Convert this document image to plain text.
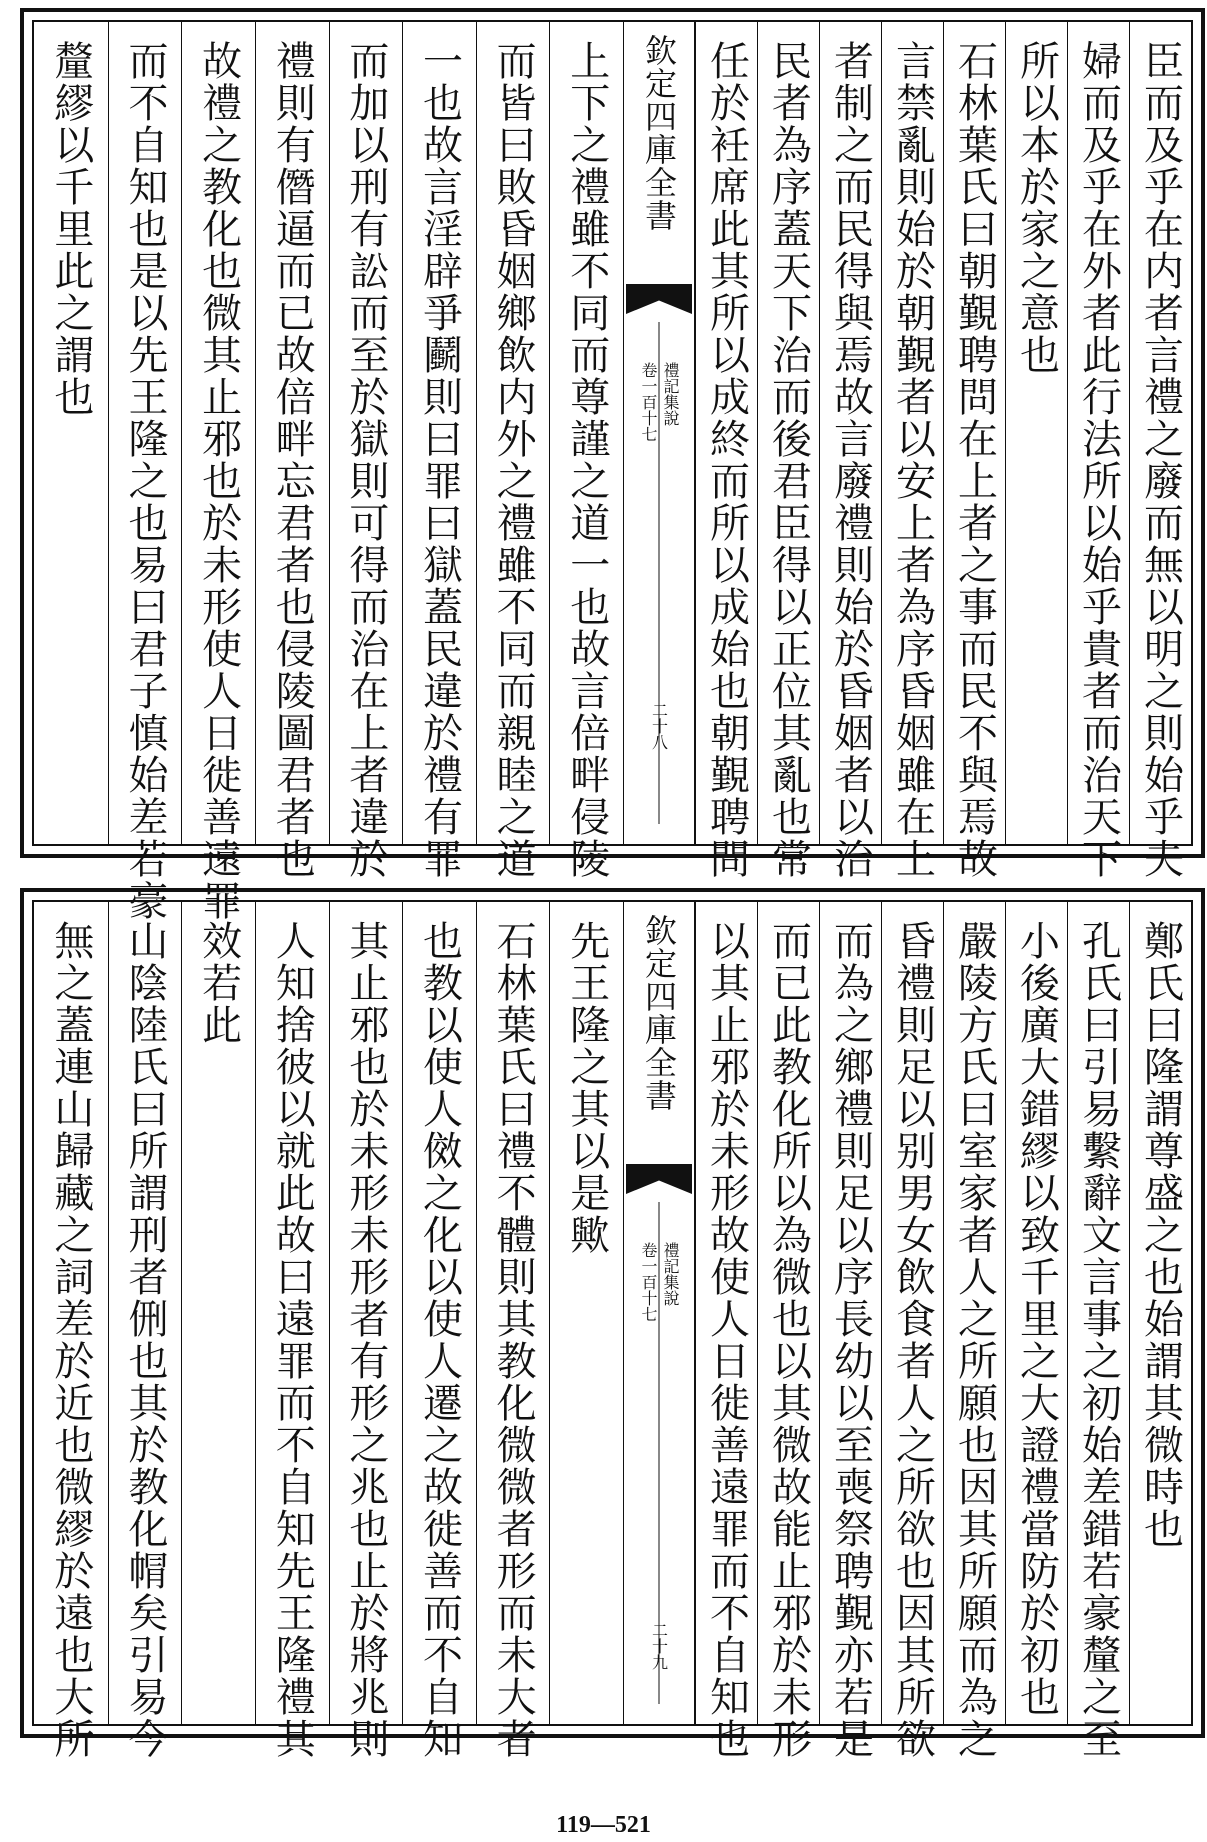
臣而及乎在内者言禮之廢而無以明之則始乎夫
婦而及乎在外者此行法所以始乎貴者而治天下
所以本於家之意也
石林葉氏曰朝覲聘問在上者之事而民不與焉故
言禁亂則始於朝覲者以安上者為序昏姻雖在上
者制之而民得與焉故言廢禮則始於昏姻者以治
民者為序蓋天下治而後君臣得以正位其亂也常
任於衽席此其所以成終而所以成始也朝覲聘問
上下之禮雖不同而尊謹之道一也故言倍畔侵陵
而皆曰敗昏姻鄉飲内外之禮雖不同而親睦之道
一也故言淫辟爭鬬則曰罪曰獄蓋民違於禮有罪
而加以刑有訟而至於獄則可得而治在上者違於
禮則有僭逼而已故倍畔忘君者也侵陵圖君者也
故禮之教化也微其止邪也於未形使人日徙善遠罪
而不自知也是以先王隆之也易曰君子慎始差若豪
釐繆以千里此之謂也	欽定四庫全書
禮記集說
卷一百十七
二十八
鄭氏曰隆謂尊盛之也始謂其微時也
孔氏曰引易繫辭文言事之初始差錯若豪釐之至
小後廣大錯繆以致千里之大證禮當防於初也
嚴陵方氏曰室家者人之所願也因其所願而為之
昏禮則足以别男女飲食者人之所欲也因其所欲
而為之鄉禮則足以序長幼以至喪祭聘覲亦若是
而已此教化所以為微也以其微故能止邪於未形
以其止邪於未形故使人日徙善遠罪而不自知也
先王隆之其以是歟
石林葉氏曰禮不體則其教化微微者形而未大者
也教以使人傚之化以使人遷之故徙善而不自知
其止邪也於未形未形者有形之兆也止於將兆則
人知捨彼以就此故曰遠罪而不自知先王隆禮其
效若此
山陰陸氏曰所謂刑者侀也其於教化㡌矣引易今
無之蓋連山歸藏之詞差於近也微繆於遠也大所	欽定四庫全書
禮記集說
卷一百十七
二十九
119—521
